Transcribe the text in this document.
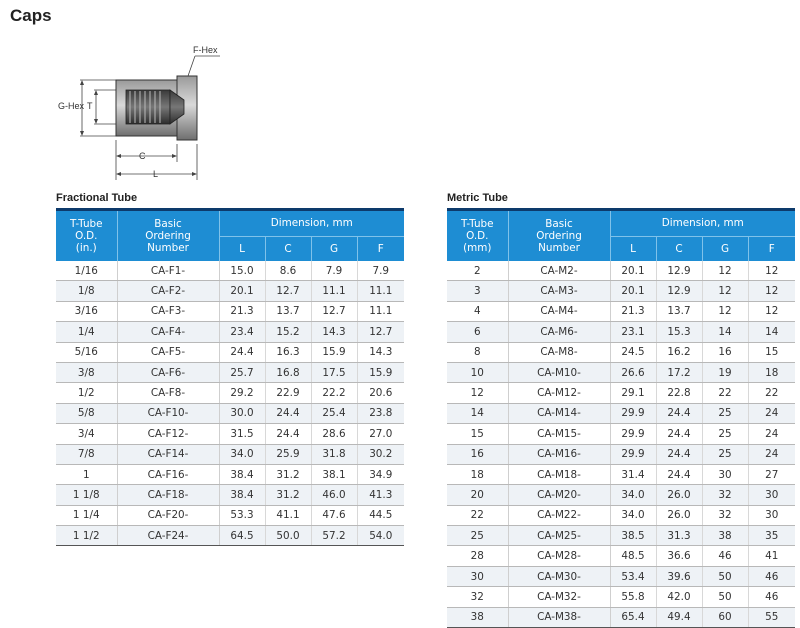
Caps
F-Hex
G-Hex T
C
L
Fractional Tube
T-Tube
O.D.
(in.)	Basic
Ordering
Number	Dimension, mm			
		L	C	G	F
1/16	CA-F1-	15.0	8.6	7.9	7.9
1/8	CA-F2-	20.1	12.7	11.1	11.1
3/16	CA-F3-	21.3	13.7	12.7	11.1
1/4	CA-F4-	23.4	15.2	14.3	12.7
5/16	CA-F5-	24.4	16.3	15.9	14.3
3/8	CA-F6-	25.7	16.8	17.5	15.9
1/2	CA-F8-	29.2	22.9	22.2	20.6
5/8	CA-F10-	30.0	24.4	25.4	23.8
3/4	CA-F12-	31.5	24.4	28.6	27.0
7/8	CA-F14-	34.0	25.9	31.8	30.2
1	CA-F16-	38.4	31.2	38.1	34.9
1 1/8	CA-F18-	38.4	31.2	46.0	41.3
1 1/4	CA-F20-	53.3	41.1	47.6	44.5
1 1/2	CA-F24-	64.5	50.0	57.2	54.0
Metric Tube
T-Tube
O.D.
(mm)	Basic
Ordering
Number	Dimension, mm			
		L	C	G	F
2	CA-M2-	20.1	12.9	12	12
3	CA-M3-	20.1	12.9	12	12
4	CA-M4-	21.3	13.7	12	12
6	CA-M6-	23.1	15.3	14	14
8	CA-M8-	24.5	16.2	16	15
10	CA-M10-	26.6	17.2	19	18
12	CA-M12-	29.1	22.8	22	22
14	CA-M14-	29.9	24.4	25	24
15	CA-M15-	29.9	24.4	25	24
16	CA-M16-	29.9	24.4	25	24
18	CA-M18-	31.4	24.4	30	27
20	CA-M20-	34.0	26.0	32	30
22	CA-M22-	34.0	26.0	32	30
25	CA-M25-	38.5	31.3	38	35
28	CA-M28-	48.5	36.6	46	41
30	CA-M30-	53.4	39.6	50	46
32	CA-M32-	55.8	42.0	50	46
38	CA-M38-	65.4	49.4	60	55
